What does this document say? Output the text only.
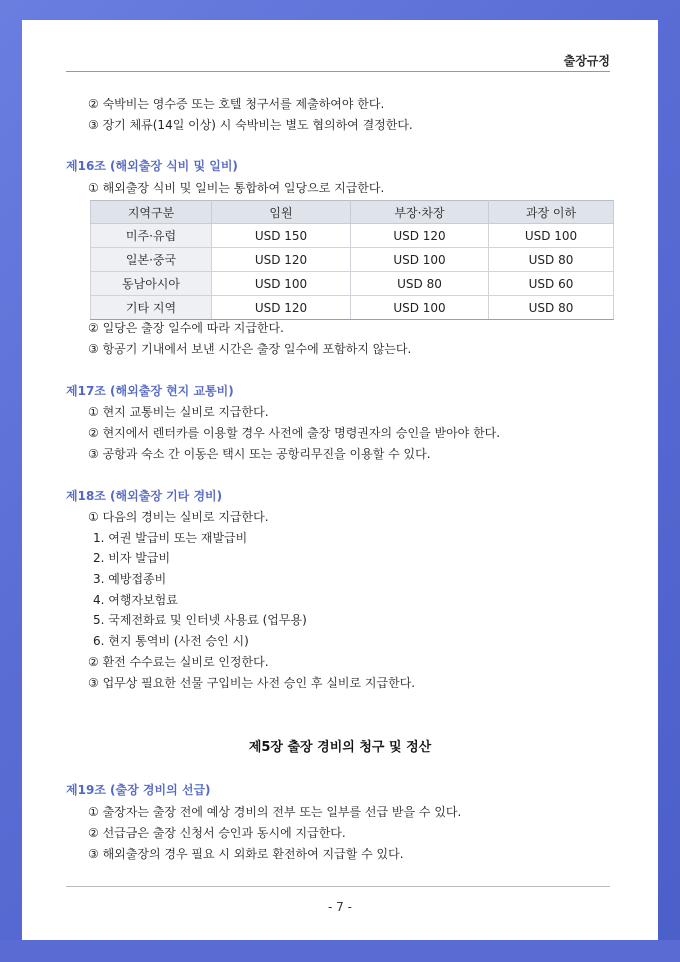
출장규정
② 숙박비는 영수증 또는 호텔 청구서를 제출하여야 한다.
③ 장기 체류(14일 이상) 시 숙박비는 별도 협의하여 결정한다.
제16조 (해외출장 식비 및 일비)
① 해외출장 식비 및 일비는 통합하여 일당으로 지급한다.
지역구분	임원	부장·차장	과장 이하
미주·유럽	USD 150	USD 120	USD 100
일본·중국	USD 120	USD 100	USD 80
동남아시아	USD 100	USD 80	USD 60
기타 지역	USD 120	USD 100	USD 80
② 일당은 출장 일수에 따라 지급한다.
③ 항공기 기내에서 보낸 시간은 출장 일수에 포함하지 않는다.
제17조 (해외출장 현지 교통비)
① 현지 교통비는 실비로 지급한다.
② 현지에서 렌터카를 이용할 경우 사전에 출장 명령권자의 승인을 받아야 한다.
③ 공항과 숙소 간 이동은 택시 또는 공항리무진을 이용할 수 있다.
제18조 (해외출장 기타 경비)
① 다음의 경비는 실비로 지급한다.
1. 여권 발급비 또는 재발급비
2. 비자 발급비
3. 예방접종비
4. 여행자보험료
5. 국제전화료 및 인터넷 사용료 (업무용)
6. 현지 통역비 (사전 승인 시)
② 환전 수수료는 실비로 인정한다.
③ 업무상 필요한 선물 구입비는 사전 승인 후 실비로 지급한다.
제5장 출장 경비의 청구 및 정산
제19조 (출장 경비의 선급)
① 출장자는 출장 전에 예상 경비의 전부 또는 일부를 선급 받을 수 있다.
② 선급금은 출장 신청서 승인과 동시에 지급한다.
③ 해외출장의 경우 필요 시 외화로 환전하여 지급할 수 있다.
- 7 -
